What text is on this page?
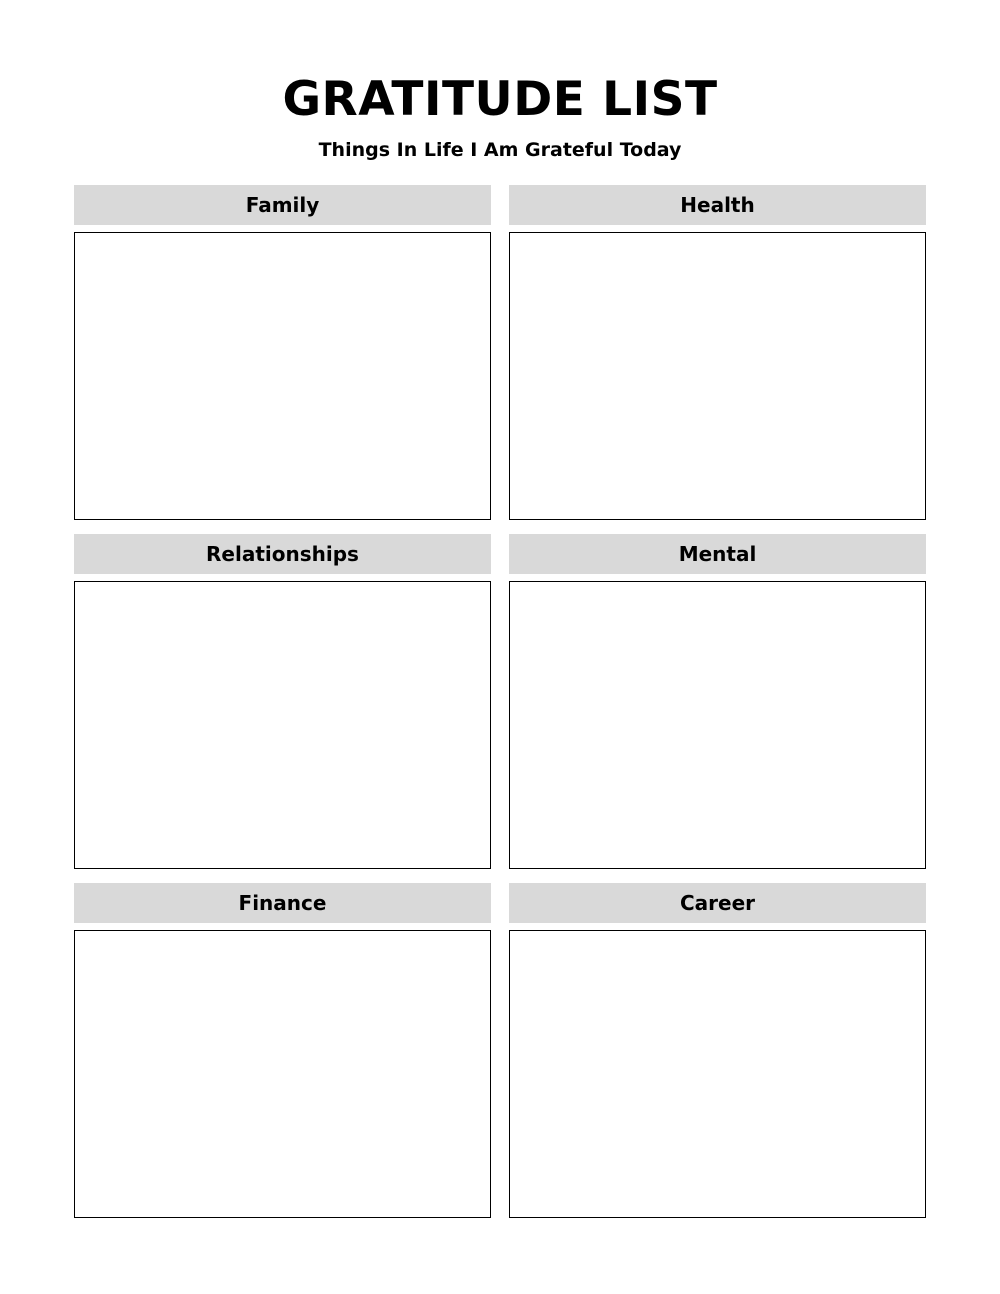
GRATITUDE LIST
Things In Life I Am Grateful Today
Family	Health
Relationships	Mental
Finance	Career
